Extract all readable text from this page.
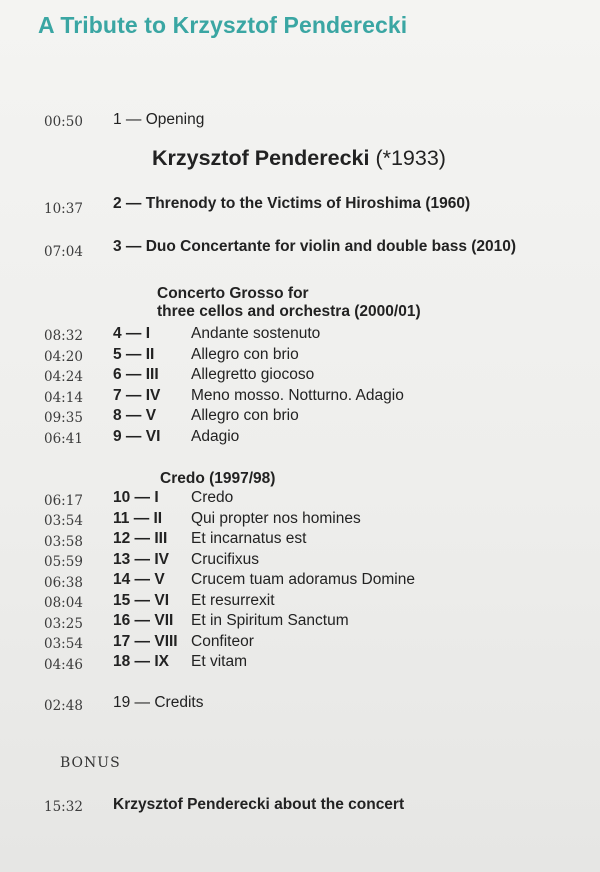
A Tribute to Krzysztof Penderecki
00:50 1 — Opening
Krzysztof Penderecki (*1933)
10:37 2 — Threnody to the Victims of Hiroshima (1960)
07:04 3 — Duo Concertante for violin and double bass (2010)
Concerto Grosso for
three cellos and orchestra (2000/01)
08:32 4 — I	Andante sostenuto
04:20 5 — II	Allegro con brio
04:24 6 — III	Allegretto giocoso
04:14 7 — IV	Meno mosso. Notturno. Adagio
09:35 8 — V	Allegro con brio
06:41 9 — VI	Adagio
Credo (1997/98)
06:17 10 — I	Credo
03:54 11 — II	Qui propter nos homines
03:58 12 — III	Et incarnatus est
05:59 13 — IV	Crucifixus
06:38 14 — V	Crucem tuam adoramus Domine
08:04 15 — VI	Et resurrexit
03:25 16 — VII	Et in Spiritum Sanctum
03:54 17 — VIII Confiteor
04:46 18 — IX	Et vitam
02:48 19 — Credits
BONUS
15:32 Krzysztof Penderecki about the concert
